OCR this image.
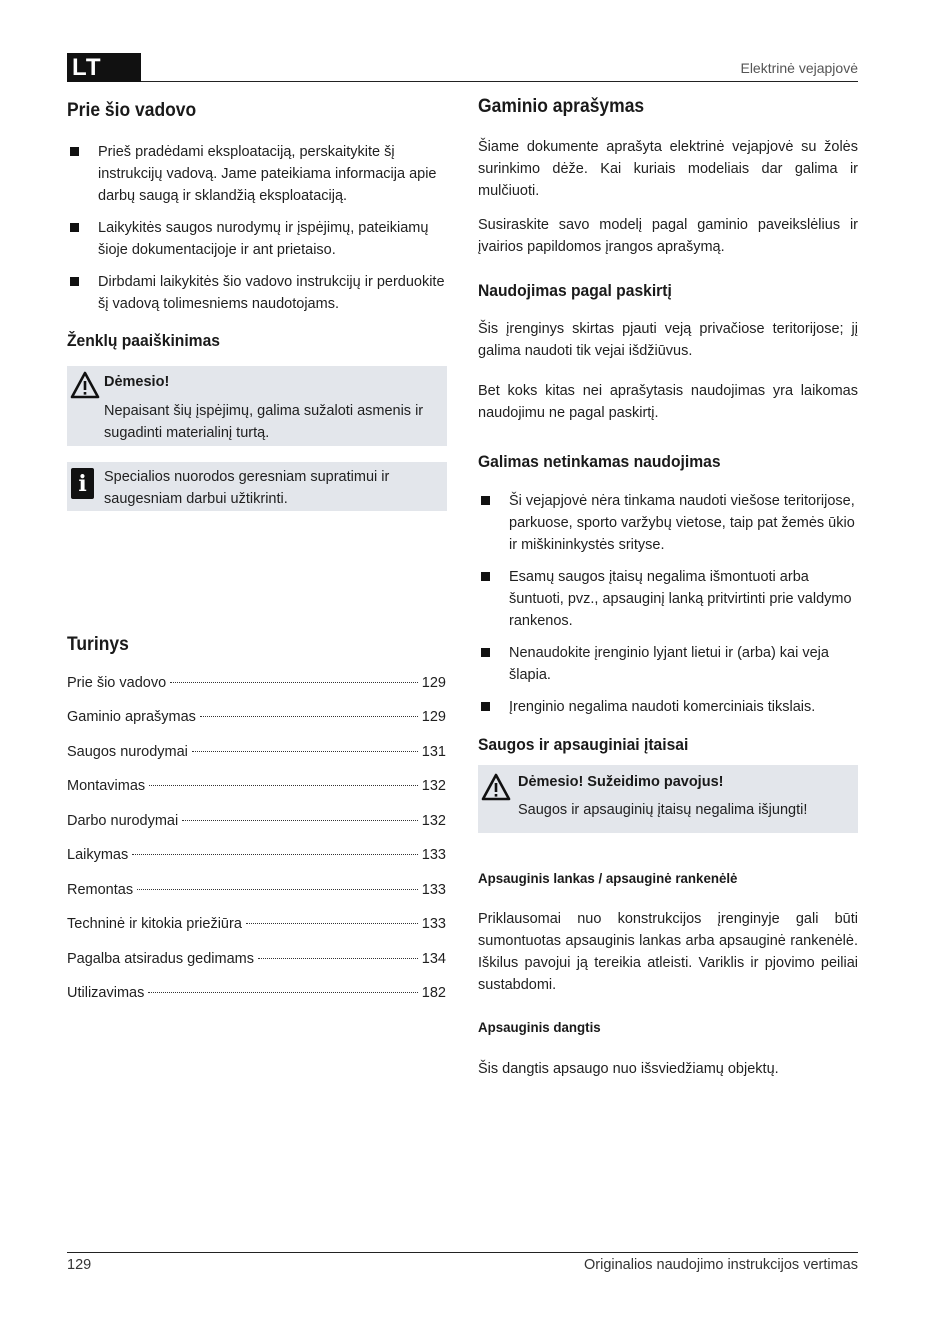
LT	Elektrinė vejapjovė
Prie šio vadovo
Prieš pradėdami eksploataciją, perskaitykite šį instrukcijų vadovą. Jame pateikiama informacija apie darbų saugą ir sklandžią eksploataciją.
Laikykitės saugos nurodymų ir įspėjimų, pateikiamų šioje dokumentacijoje ir ant prietaiso.
Dirbdami laikykitės šio vadovo instrukcijų ir perduokite šį vadovą tolimesniems naudotojams.
Ženklų paaiškinimas
Dėmesio!
Nepaisant šių įspėjimų, galima sužaloti asmenis ir sugadinti materialinį turtą.
i	Specialios nuorodos geresniam supratimui ir saugesniam darbui užtikrinti.
Turinys
Prie šio vadovo	129
Gaminio aprašymas	129
Saugos nurodymai	131
Montavimas	132
Darbo nurodymai	132
Laikymas	133
Remontas	133
Techninė ir kitokia priežiūra	133
Pagalba atsiradus gedimams	134
Utilizavimas	182
Gaminio aprašymas
Šiame dokumente aprašyta elektrinė vejapjovė su žolės surinkimo dėže. Kai kuriais modeliais dar galima ir mulčiuoti.
Susiraskite savo modelį pagal gaminio paveikslėlius ir įvairios papildomos įrangos aprašymą.
Naudojimas pagal paskirtį
Šis įrenginys skirtas pjauti veją privačiose teritorijose; jį galima naudoti tik vejai išdžiūvus.
Bet koks kitas nei aprašytasis naudojimas yra laikomas naudojimu ne pagal paskirtį.
Galimas netinkamas naudojimas
Ši vejapjovė nėra tinkama naudoti viešose teritorijose, parkuose, sporto varžybų vietose, taip pat žemės ūkio ir miškininkystės srityse.
Esamų saugos įtaisų negalima išmontuoti arba šuntuoti, pvz., apsauginį lanką pritvirtinti prie valdymo rankenos.
Nenaudokite įrenginio lyjant lietui ir (arba) kai veja šlapia.
Įrenginio negalima naudoti komerciniais tikslais.
Saugos ir apsauginiai įtaisai
Dėmesio! Sužeidimo pavojus!
Saugos ir apsauginių įtaisų negalima išjungti!
Apsauginis lankas / apsauginė rankenėlė
Priklausomai nuo konstrukcijos įrenginyje gali būti sumontuotas apsauginis lankas arba apsauginė rankenėlė. Iškilus pavojui ją tereikia atleisti. Variklis ir pjovimo peiliai sustabdomi.
Apsauginis dangtis
Šis dangtis apsaugo nuo išsviedžiamų objektų.
129	Originalios naudojimo instrukcijos vertimas
